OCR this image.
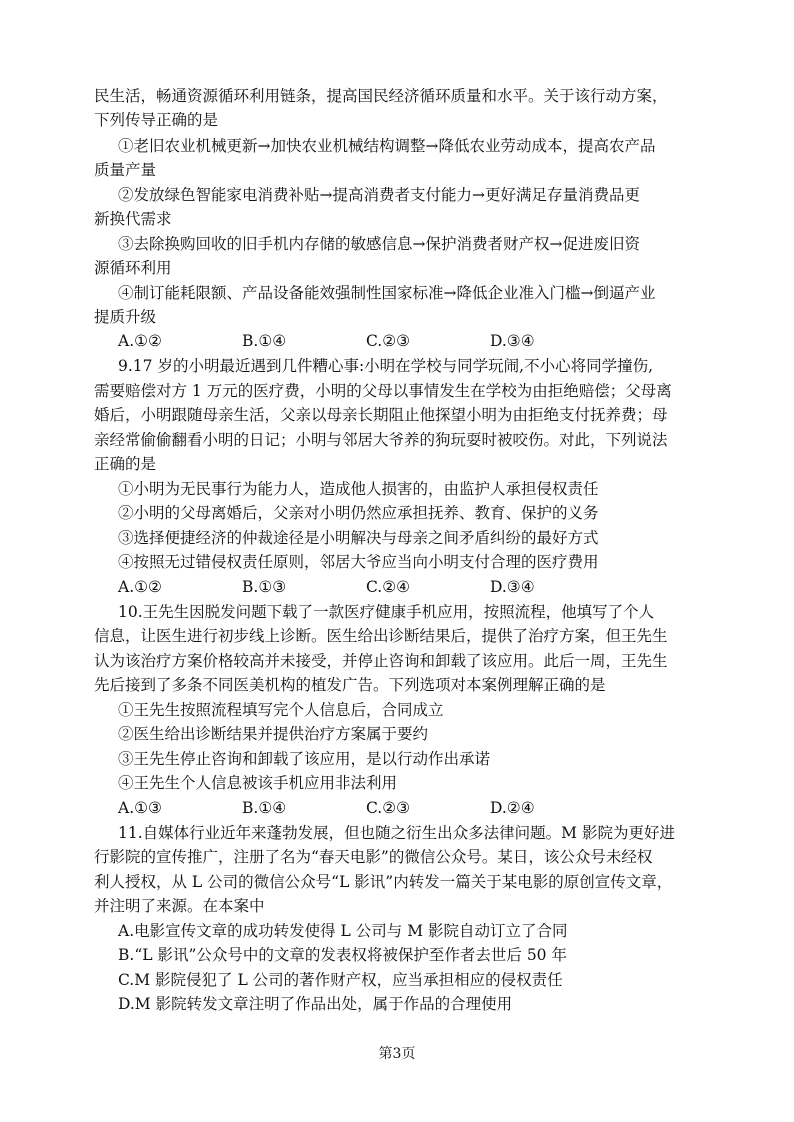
民生活，畅通资源循环利用链条，提高国民经济循环质量和水平。关于该行动方案，
下列传导正确的是
①老旧农业机械更新→加快农业机械结构调整→降低农业劳动成本，提高农产品
质量产量
②发放绿色智能家电消费补贴→提高消费者支付能力→更好满足存量消费品更
新换代需求
③去除换购回收的旧手机内存储的敏感信息→保护消费者财产权→促进废旧资
源循环利用
④制订能耗限额、产品设备能效强制性国家标准→降低企业准入门槛→倒逼产业
提质升级
A.①②	B.①④	C.②③	D.③④
9.17 岁的小明最近遇到几件糟心事:小明在学校与同学玩闹,不小心将同学撞伤,
需要赔偿对方 1 万元的医疗费，小明的父母以事情发生在学校为由拒绝赔偿；父母离
婚后，小明跟随母亲生活，父亲以母亲长期阻止他探望小明为由拒绝支付抚养费；母
亲经常偷偷翻看小明的日记；小明与邻居大爷养的狗玩耍时被咬伤。对此，下列说法
正确的是
①小明为无民事行为能力人，造成他人损害的，由监护人承担侵权责任
②小明的父母离婚后，父亲对小明仍然应承担抚养、教育、保护的义务
③选择便捷经济的仲裁途径是小明解决与母亲之间矛盾纠纷的最好方式
④按照无过错侵权责任原则，邻居大爷应当向小明支付合理的医疗费用
A.①②	B.①③	C.②④	D.③④
10.王先生因脱发问题下载了一款医疗健康手机应用，按照流程，他填写了个人
信息，让医生进行初步线上诊断。医生给出诊断结果后，提供了治疗方案，但王先生
认为该治疗方案价格较高并未接受，并停止咨询和卸载了该应用。此后一周，王先生
先后接到了多条不同医美机构的植发广告。下列选项对本案例理解正确的是
①王先生按照流程填写完个人信息后，合同成立
②医生给出诊断结果并提供治疗方案属于要约
③王先生停止咨询和卸载了该应用，是以行动作出承诺
④王先生个人信息被该手机应用非法利用
A.①③	B.①④	C.②③	D.②④
11.自媒体行业近年来蓬勃发展，但也随之衍生出众多法律问题。M 影院为更好进
行影院的宣传推广，注册了名为“春天电影”的微信公众号。某日，该公众号未经权
利人授权，从 L 公司的微信公众号“L 影讯”内转发一篇关于某电影的原创宣传文章，
并注明了来源。在本案中
A.电影宣传文章的成功转发使得 L 公司与 M 影院自动订立了合同
B.“L 影讯”公众号中的文章的发表权将被保护至作者去世后 50 年
C.M 影院侵犯了 L 公司的著作财产权，应当承担相应的侵权责任
D.M 影院转发文章注明了作品出处，属于作品的合理使用
第3页
